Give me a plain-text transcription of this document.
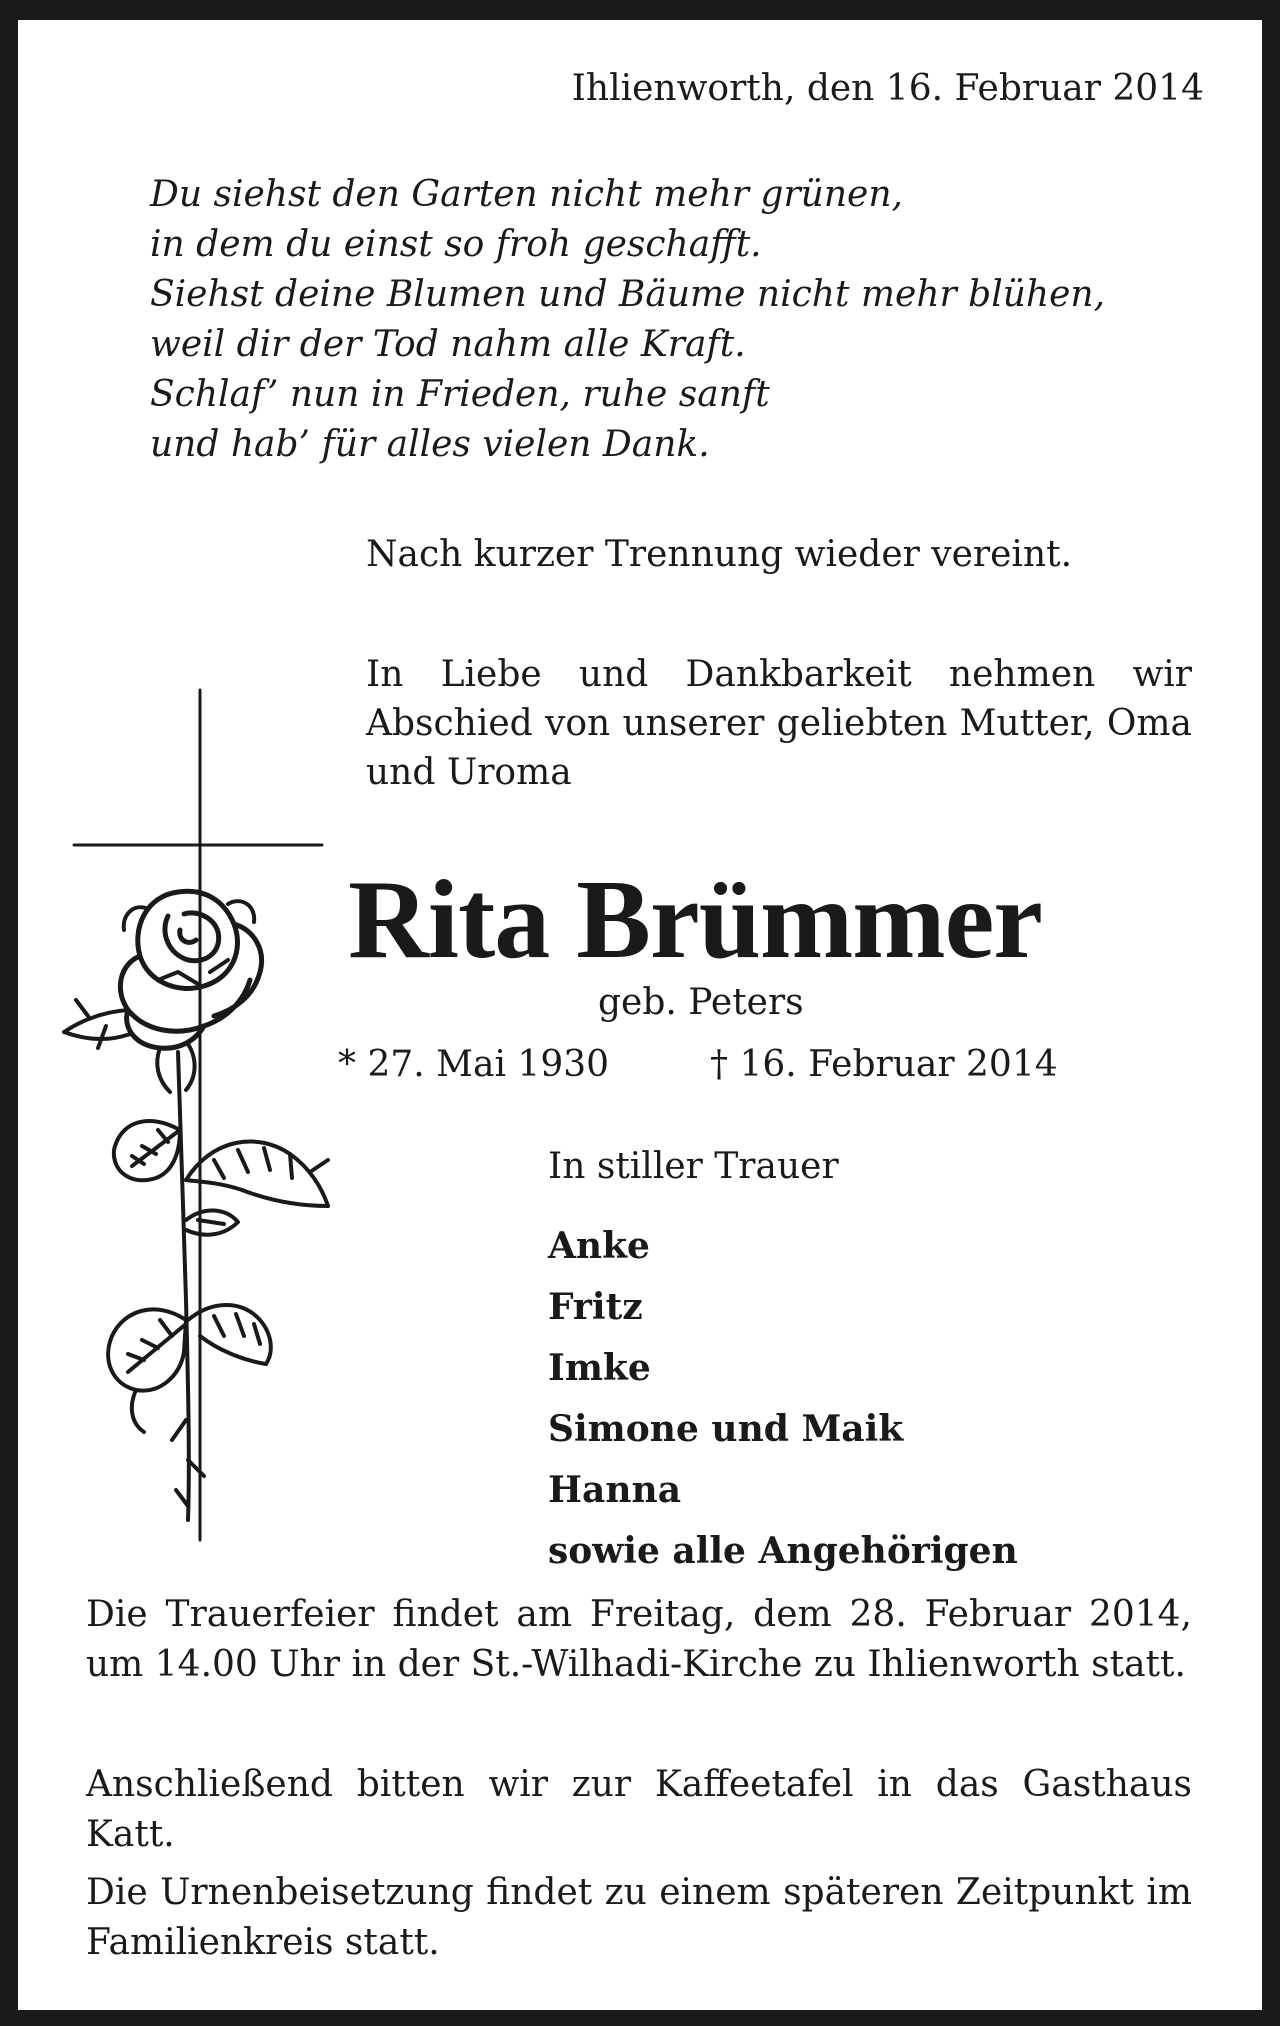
Ihlienworth, den 16. Februar 2014
Du siehst den Garten nicht mehr grünen,
in dem du einst so froh geschafft.
Siehst deine Blumen und Bäume nicht mehr blühen,
weil dir der Tod nahm alle Kraft.
Schlaf’ nun in Frieden, ruhe sanft
und hab’ für alles vielen Dank.
Nach kurzer Trennung wieder vereint.
In Liebe und Dankbarkeit nehmen wir Abschied von unserer geliebten Mutter, Oma und Uroma
Rita Brümmer
geb. Peters
* 27. Mai 1930	† 16. Februar 2014
In stiller Trauer
Anke
Fritz
Imke
Simone und Maik
Hanna
sowie alle Angehörigen
Die Trauerfeier findet am Freitag, dem 28. Februar 2014, um 14.00 Uhr in der St.-Wilhadi-Kirche zu Ihlienworth statt.
Anschließend bitten wir zur Kaffeetafel in das Gasthaus Katt.
Die Urnenbeisetzung findet zu einem späteren Zeitpunkt im Familienkreis statt.
